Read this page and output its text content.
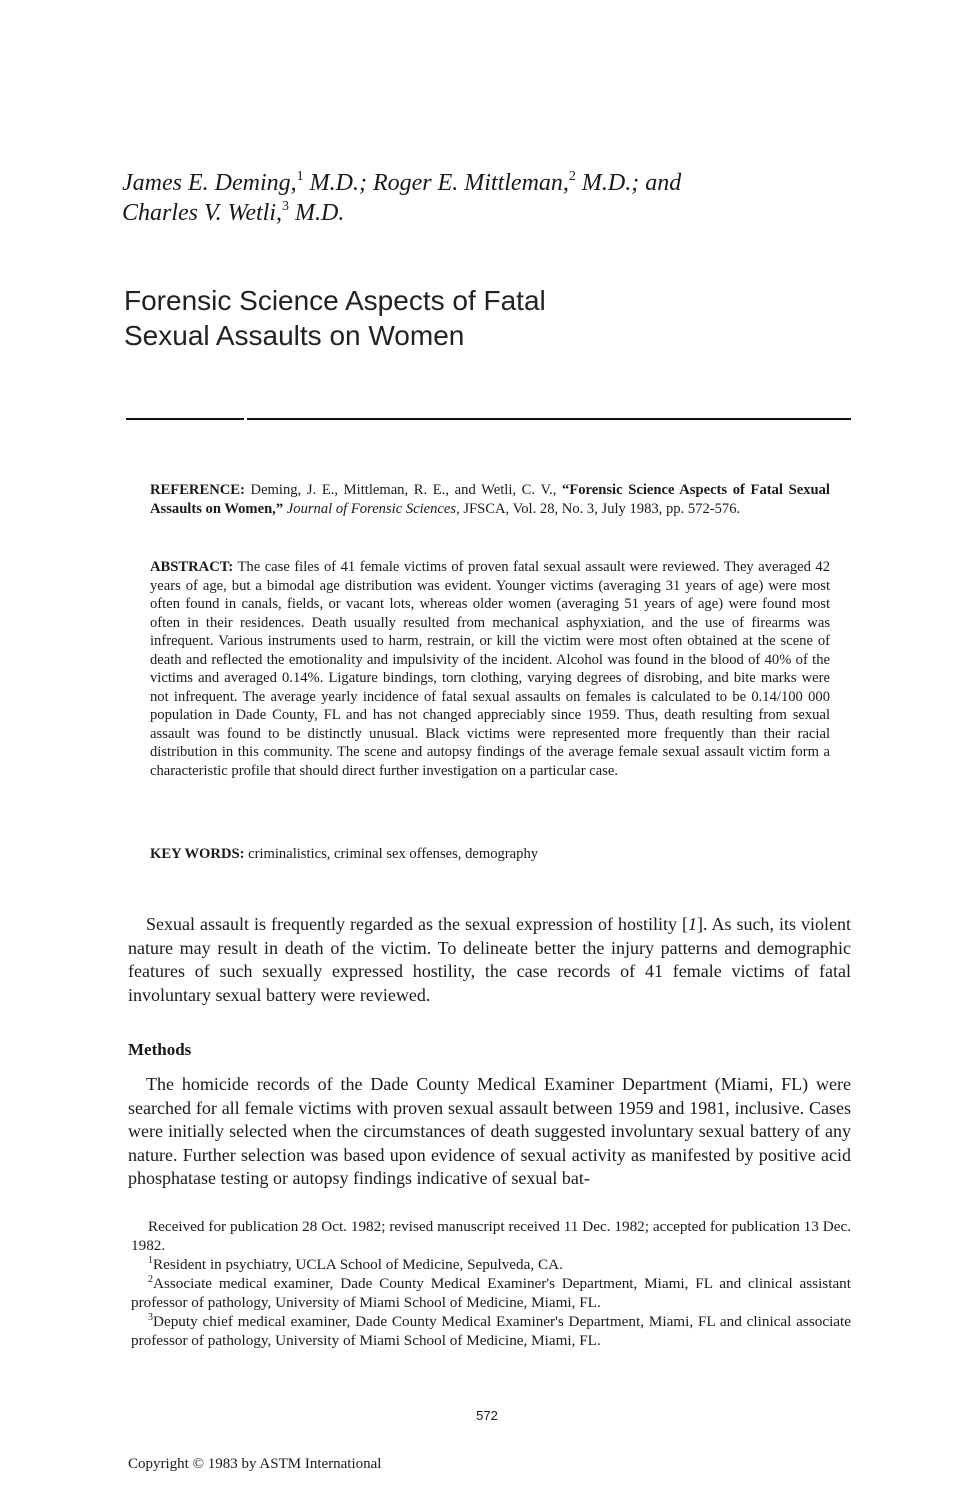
James E. Deming,$^1$ M.D.; Roger E. Mittleman,$^2$ M.D.; and
Charles V. Wetli,$^3$ M.D.
Forensic Science Aspects of Fatal
Sexual Assaults on Women
REFERENCE: Deming, J. E., Mittleman, R. E., and Wetli, C. V., “Forensic Science Aspects of Fatal Sexual Assaults on Women,” Journal of Forensic Sciences, JFSCA, Vol. 28, No. 3, July 1983, pp. 572-576.
ABSTRACT: The case files of 41 female victims of proven fatal sexual assault were reviewed. They averaged 42 years of age, but a bimodal age distribution was evident. Younger victims (averaging 31 years of age) were most often found in canals, fields, or vacant lots, whereas older women (averaging 51 years of age) were found most often in their residences. Death usually resulted from mechanical asphyxiation, and the use of firearms was infrequent. Various instruments used to harm, restrain, or kill the victim were most often obtained at the scene of death and reflected the emotionality and impulsivity of the incident. Alcohol was found in the blood of 40% of the victims and averaged 0.14%. Ligature bindings, torn clothing, varying degrees of disrobing, and bite marks were not infrequent. The average yearly incidence of fatal sexual assaults on females is calculated to be 0.14/100 000 population in Dade County, FL and has not changed appreciably since 1959. Thus, death resulting from sexual assault was found to be distinctly unusual. Black victims were represented more frequently than their racial distribution in this community. The scene and autopsy findings of the average female sexual assault victim form a characteristic profile that should direct further investigation on a particular case.
KEY WORDS: criminalistics, criminal sex offenses, demography
Sexual assault is frequently regarded as the sexual expression of hostility [1]. As such, its violent nature may result in death of the victim. To delineate better the injury patterns and demographic features of such sexually expressed hostility, the case records of 41 female victims of fatal involuntary sexual battery were reviewed.
Methods
The homicide records of the Dade County Medical Examiner Department (Miami, FL) were searched for all female victims with proven sexual assault between 1959 and 1981, inclusive. Cases were initially selected when the circumstances of death suggested involuntary sexual battery of any nature. Further selection was based upon evidence of sexual activity as manifested by positive acid phosphatase testing or autopsy findings indicative of sexual bat-
Received for publication 28 Oct. 1982; revised manuscript received 11 Dec. 1982; accepted for publication 13 Dec. 1982.
$^1$Resident in psychiatry, UCLA School of Medicine, Sepulveda, CA.
$^2$Associate medical examiner, Dade County Medical Examiner's Department, Miami, FL and clinical assistant professor of pathology, University of Miami School of Medicine, Miami, FL.
$^3$Deputy chief medical examiner, Dade County Medical Examiner's Department, Miami, FL and clinical associate professor of pathology, University of Miami School of Medicine, Miami, FL.
572
Copyright © 1983 by ASTM International
